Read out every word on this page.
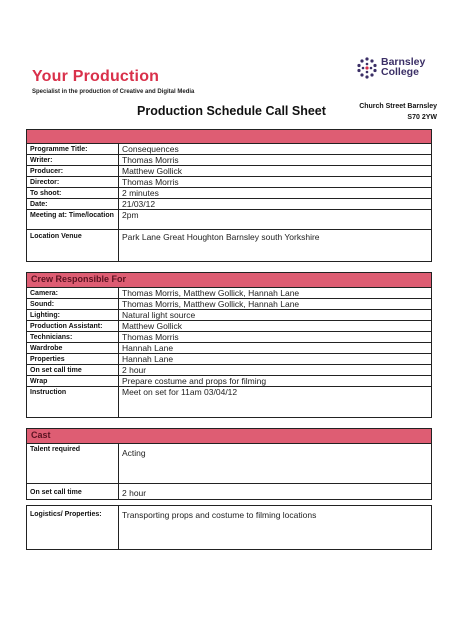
Your Production
Specialist in the production of Creative and Digital Media
Barnsley College
Church Street Barnsley
S70 2YW
Production Schedule Call Sheet
Programme Title:	Consequences
Writer:	Thomas Morris
Producer:	Matthew Gollick
Director:	Thomas Morris
To shoot:	2 minutes
Date:	21/03/12
Meeting at: Time/location	2pm
Location Venue	Park Lane Great Houghton Barnsley south Yorkshire
Crew Responsible For
Camera:	Thomas Morris, Matthew Gollick, Hannah Lane
Sound:	Thomas Morris, Matthew Gollick, Hannah Lane
Lighting:	Natural light source
Production Assistant:	Matthew Gollick
Technicians:	Thomas Morris
Wardrobe	Hannah Lane
Properties	Hannah Lane
On set call time	2 hour
Wrap	Prepare costume and props for filming
Instruction	Meet on set for 11am 03/04/12
Cast
Talent required	Acting
On set call time	2 hour
Logistics/ Properties:	Transporting props and costume to filming locations
